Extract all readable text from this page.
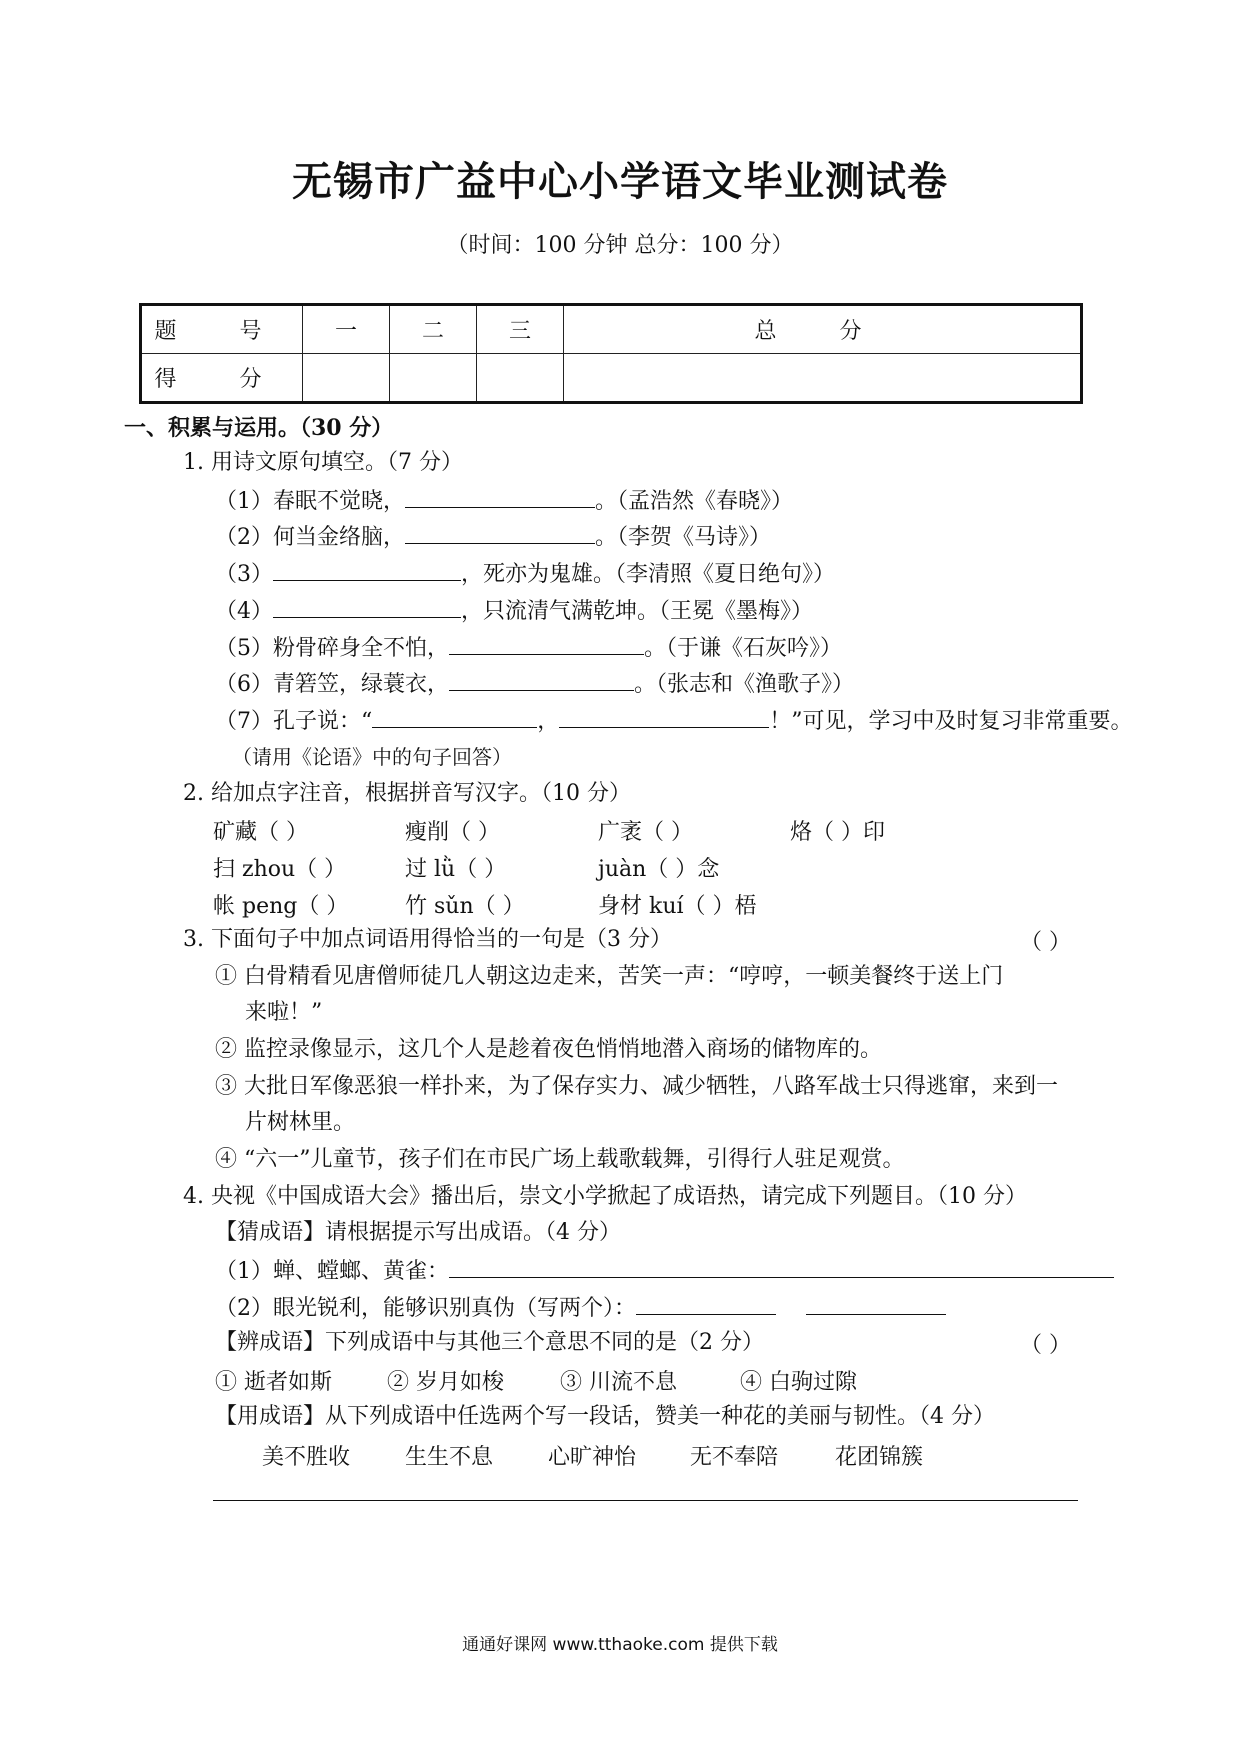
无锡市广益中心小学语文毕业测试卷
（时间：100 分钟 总分：100 分）
题 号	一	二	三	总 分
得 分				
一、积累与运用。（30 分）
1. 用诗文原句填空。（7 分）
（1）春眠不觉晓，	。（孟浩然《春晓》）
（2）何当金络脑，	。（李贺《马诗》）
（3）	，死亦为鬼雄。（李清照《夏日绝句》）
（4）	，只流清气满乾坤。（王冕《墨梅》）
（5）粉骨碎身全不怕，	。（于谦《石灰吟》）
（6）青箬笠，绿蓑衣，	。（张志和《渔歌子》）
（7）孔子说：“	，	！”可见，学习中及时复习非常重要。
（请用《论语》中的句子回答）
2. 给加点字注音，根据拼音写汉字。（10 分）
矿藏（ ）	瘦削（ ）	广袤（ ）	烙（ ）印
扫 zhou（ ）	过 lǜ（ ）	juàn（ ）念
帐 peng（ ）	竹 sǔn（ ）	身材 kuí（ ）梧
3. 下面句子中加点词语用得恰当的一句是（3 分）	（ ）
① 白骨精看见唐僧师徒几人朝这边走来，苦笑一声：“哼哼，一顿美餐终于送上门
来啦！”
② 监控录像显示，这几个人是趁着夜色悄悄地潜入商场的储物库的。
③ 大批日军像恶狼一样扑来，为了保存实力、减少牺牲，八路军战士只得逃窜，来到一
片树林里。
④ “六一”儿童节，孩子们在市民广场上载歌载舞，引得行人驻足观赏。
4. 央视《中国成语大会》播出后，崇文小学掀起了成语热，请完成下列题目。（10 分）
【猜成语】请根据提示写出成语。（4 分）
（1）蝉、螳螂、黄雀：
（2）眼光锐利，能够识别真伪（写两个）：
【辨成语】下列成语中与其他三个意思不同的是（2 分）	（ ）
① 逝者如斯	② 岁月如梭	③ 川流不息	④ 白驹过隙
【用成语】从下列成语中任选两个写一段话，赞美一种花的美丽与韧性。（4 分）
美不胜收 生生不息 心旷神怡 无不奉陪	花团锦簇
通通好课网 www.tthaoke.com 提供下载
